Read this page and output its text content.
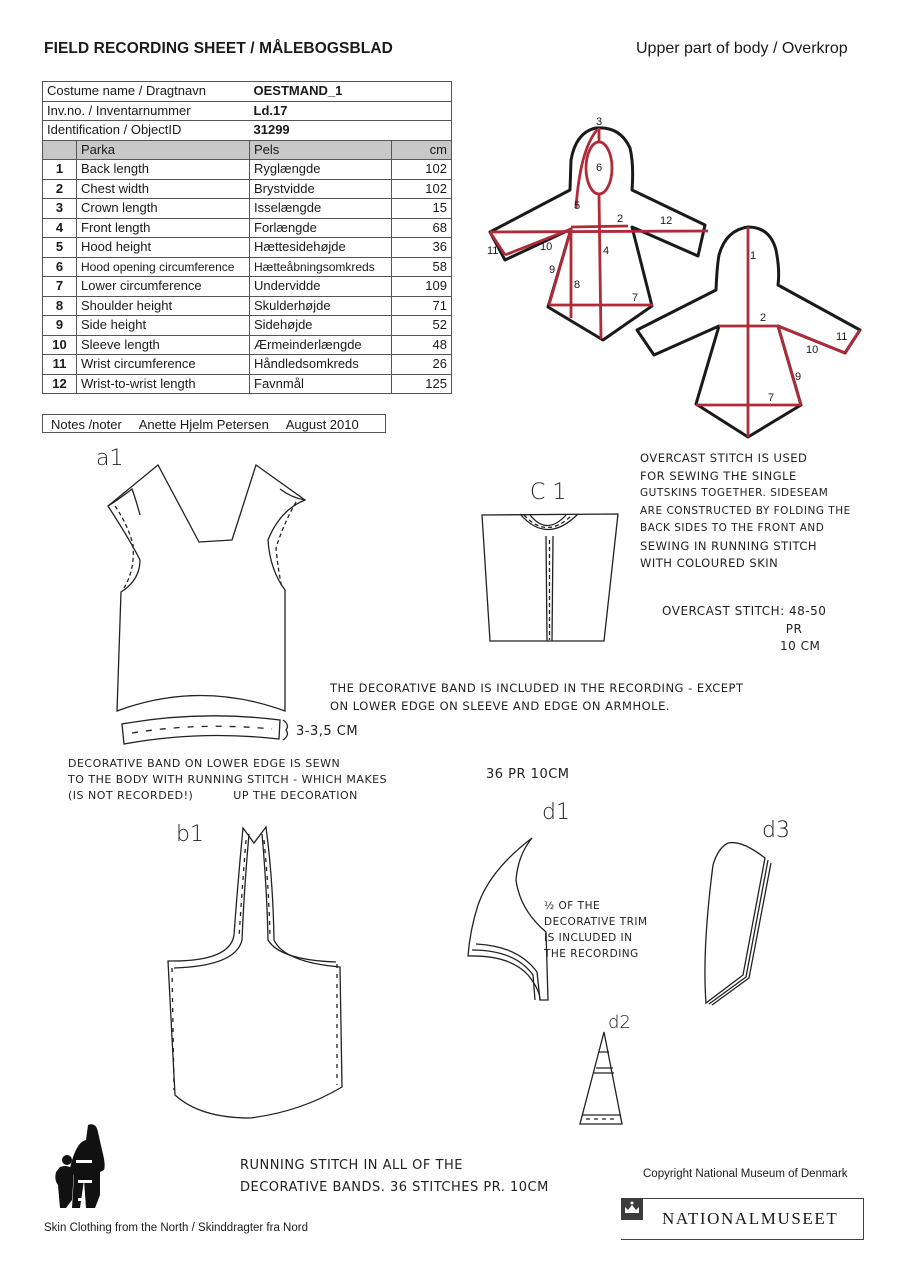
FIELD RECORDING SHEET / MÅLEBOGSBLAD	Upper part of body / Overkrop
Costume name / Dragtnavn		OESTMAND_1	
Inv.no. / Inventarnummer		Ld.17	
Identification / ObjectID		31299	
	Parka	Pels	cm
1	Back length	Ryglængde	102
2	Chest width	Brystvidde	102
3	Crown length	Isselængde	15
4	Front length	Forlængde	68
5	Hood height	Hættesidehøjde	36
6	Hood opening circumference	Hætteåbningsomkreds	58
7	Lower circumference	Undervidde	109
8	Shoulder height	Skulderhøjde	71
9	Side height	Sidehøjde	52
10	Sleeve length	Ærmeinderlængde	48
11	Wrist circumference	Håndledsomkreds	26
12	Wrist-to-wrist length	Favnmål	125
Notes /noter Anette Hjelm Petersen August 2010
3
6
5
2	12
11	10	4
9
8
7
1
2
11
10
9
7
a1
C 1
b1
d1
d2
d3
OVERCAST STITCH IS USED
FOR SEWING THE SINGLE
GUTSKINS TOGETHER. SIDESEAM
ARE CONSTRUCTED BY FOLDING THE
BACK SIDES TO THE FRONT AND
SEWING IN RUNNING STITCH
WITH COLOURED SKIN
OVERCAST STITCH: 48-50
PR
10 CM
THE DECORATIVE BAND IS INCLUDED IN THE RECORDING - EXCEPT
ON LOWER EDGE ON SLEEVE AND EDGE ON ARMHOLE.
3-3,5 CM
DECORATIVE BAND ON LOWER EDGE IS SEWN
TO THE BODY WITH RUNNING STITCH - WHICH MAKES
(IS NOT RECORDED!)	UP THE DECORATION
36 PR 10CM
½ OF THE
DECORATIVE TRIM
IS INCLUDED IN
THE RECORDING
RUNNING STITCH IN ALL OF THE
DECORATIVE BANDS. 36 STITCHES PR. 10CM
Copyright National Museum of Denmark
NATIONALMUSEET
Skin Clothing from the North / Skinddragter fra Nord
